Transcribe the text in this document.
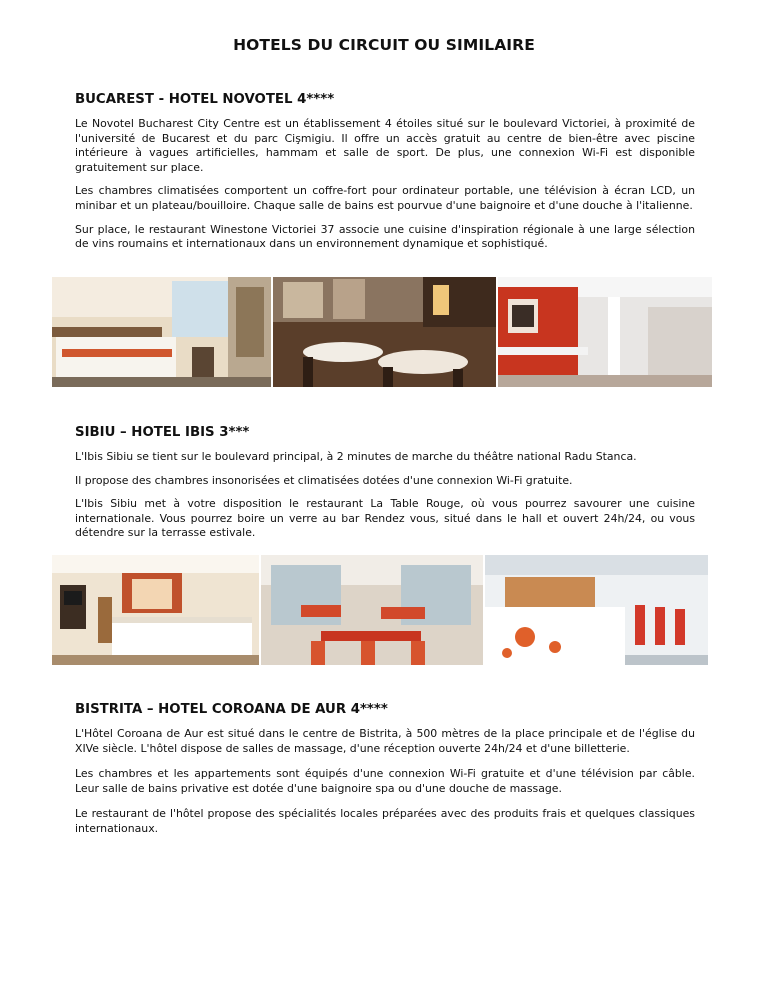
HOTELS DU CIRCUIT OU SIMILAIRE
BUCAREST - HOTEL NOVOTEL 4****

Le Novotel Bucharest City Centre est un établissement 4 étoiles situé sur le boulevard Victoriei, à proximité de l'université de Bucarest et du parc Cişmigiu. Il offre un accès gratuit au centre de bien-être avec piscine intérieure à vagues artificielles, hammam et salle de sport. De plus, une connexion Wi-Fi est disponible gratuitement sur place.

Les chambres climatisées comportent un coffre-fort pour ordinateur portable, une télévision à écran LCD, un minibar et un plateau/bouilloire. Chaque salle de bains est pourvue d'une baignoire et d'une douche à l'italienne.

Sur place, le restaurant Winestone Victoriei 37 associe une cuisine d'inspiration régionale à une large sélection de vins roumains et internationaux dans un environnement dynamique et sophistiqué.

SIBIU – HOTEL IBIS 3***

L'Ibis Sibiu se tient sur le boulevard principal, à 2 minutes de marche du théâtre national Radu Stanca.

Il propose des chambres insonorisées et climatisées dotées d'une connexion Wi-Fi gratuite.

L'Ibis Sibiu met à votre disposition le restaurant La Table Rouge, où vous pourrez savourer une cuisine internationale. Vous pourrez boire un verre au bar Rendez vous, situé dans le hall et ouvert 24h/24, ou vous détendre sur la terrasse estivale.

BISTRITA – HOTEL COROANA DE AUR 4****

L'Hôtel Coroana de Aur est situé dans le centre de Bistrita, à 500 mètres de la place principale et de l'église du XIVe siècle. L'hôtel dispose de salles de massage, d'une réception ouverte 24h/24 et d'une billetterie.

Les chambres et les appartements sont équipés d'une connexion Wi-Fi gratuite et d'une télévision par câble. Leur salle de bains privative est dotée d'une baignoire spa ou d'une douche de massage.

Le restaurant de l'hôtel propose des spécialités locales préparées avec des produits frais et quelques classiques internationaux.
